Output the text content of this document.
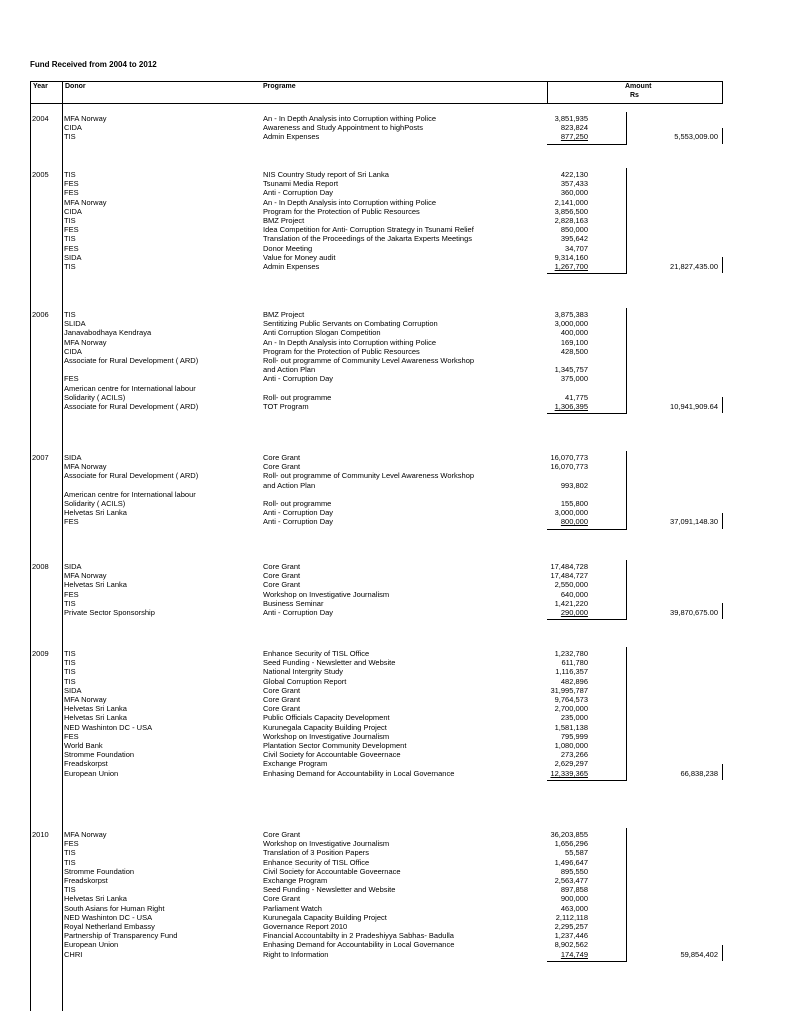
Fund Received from 2004 to 2012
Year Donor	Programe	Amount
Rs
2004 MFA Norway	An - In Depth Analysis into Corruption withing Police	3,851,935
CIDA	Awareness and Study Appointment to highPosts	823,824
TIS	Admin Expenses	877,250	5,553,009.00
2005 TIS	NIS Country Study report of Sri Lanka	422,130
FES	Tsunami Media Report	357,433
FES	Anti - Corruption Day	360,000
MFA Norway	An - In Depth Analysis into Corruption withing Police	2,141,000
CIDA	Program for the Protection of Public Resources	3,856,500
TIS	BMZ Project	2,828,163
FES	Idea Competition for Anti- Corruption Strategy in Tsunami Relief	850,000
TIS	Translation of the Proceedings of the Jakarta Experts Meetings	395,642
FES	Donor Meeting	34,707
SIDA	Value for Money audit	9,314,160
TIS	Admin Expenses	1,267,700	21,827,435.00
2006 TIS	BMZ Project	3,875,383
SLIDA	Sentitizing Public Servants on Combating Corruption	3,000,000
Janavabodhaya Kendraya	Anti Corruption Slogan Competition	400,000
MFA Norway	An - In Depth Analysis into Corruption withing Police	169,100
CIDA	Program for the Protection of Public Resources	428,500
Associate for Rural Development ( ARD)	Roll- out programme of Community Level Awareness Workshop
and Action Plan	1,345,757
FES	Anti - Corruption Day	375,000
American centre for International labour
Solidarity ( ACILS)	Roll- out programme	41,775
Associate for Rural Development ( ARD)	TOT Program	1,306,395	10,941,909.64
2007 SIDA	Core Grant	16,070,773
MFA Norway	Core Grant	16,070,773
Associate for Rural Development ( ARD)	Roll- out programme of Community Level Awareness Workshop
and Action Plan	993,802
American centre for International labour
Solidarity ( ACILS)	Roll- out programme	155,800
Helvetas Sri Lanka	Anti - Corruption Day	3,000,000
FES	Anti - Corruption Day	800,000	37,091,148.30
2008 SIDA	Core Grant	17,484,728
MFA Norway	Core Grant	17,484,727
Helvetas Sri Lanka	Core Grant	2,550,000
FES	Workshop on Investigative Journalism	640,000
TIS	Business Seminar	1,421,220
Private Sector Sponsorship	Anti - Corruption Day	290,000	39,870,675.00
2009 TIS	Enhance Security of TISL Office	1,232,780
TIS	Seed Funding - Newsletter and Website	611,780
TIS	National Intergrity Study	1,116,357
TIS	Global Corruption Report	482,896
SIDA	Core Grant	31,995,787
MFA Norway	Core Grant	9,764,573
Helvetas Sri Lanka	Core Grant	2,700,000
Helvetas Sri Lanka	Public Officials Capacity Development	235,000
NED Washinton DC - USA	Kurunegala Capacity Building Project	1,581,138
FES	Workshop on Investigative Journalism	795,999
World Bank	Plantation Sector Community Development	1,080,000
Stromme Foundation	Civil Society for Accountable Goveernace	273,266
Freadskorpst	Exchange Program	2,629,297
European Union	Enhasing Demand for Accountability in Local Governance	12,339,365	66,838,238
2010 MFA Norway	Core Grant	36,203,855
FES	Workshop on Investigative Journalism	1,656,296
TIS	Translation of 3 Position Papers	55,587
TIS	Enhance Security of TISL Office	1,496,647
Stromme Foundation	Civil Society for Accountable Goveernace	895,550
Freadskorpst	Exchange Program	2,563,477
TIS	Seed Funding - Newsletter and Website	897,858
Helvetas Sri Lanka	Core Grant	900,000
South Asians for Human Right	Parliament Watch	463,000
NED Washinton DC - USA	Kurunegala Capacity Building Project	2,112,118
Royal Netherland Embassy	Governance Report 2010	2,295,257
Partnership of Transparency Fund	Financial Accountabilty in 2 Pradeshiyya Sabhas- Badulla	1,237,446
European Union	Enhasing Demand for Accountability in Local Governance	8,902,562
CHRI	Right to Information	174,749	59,854,402
